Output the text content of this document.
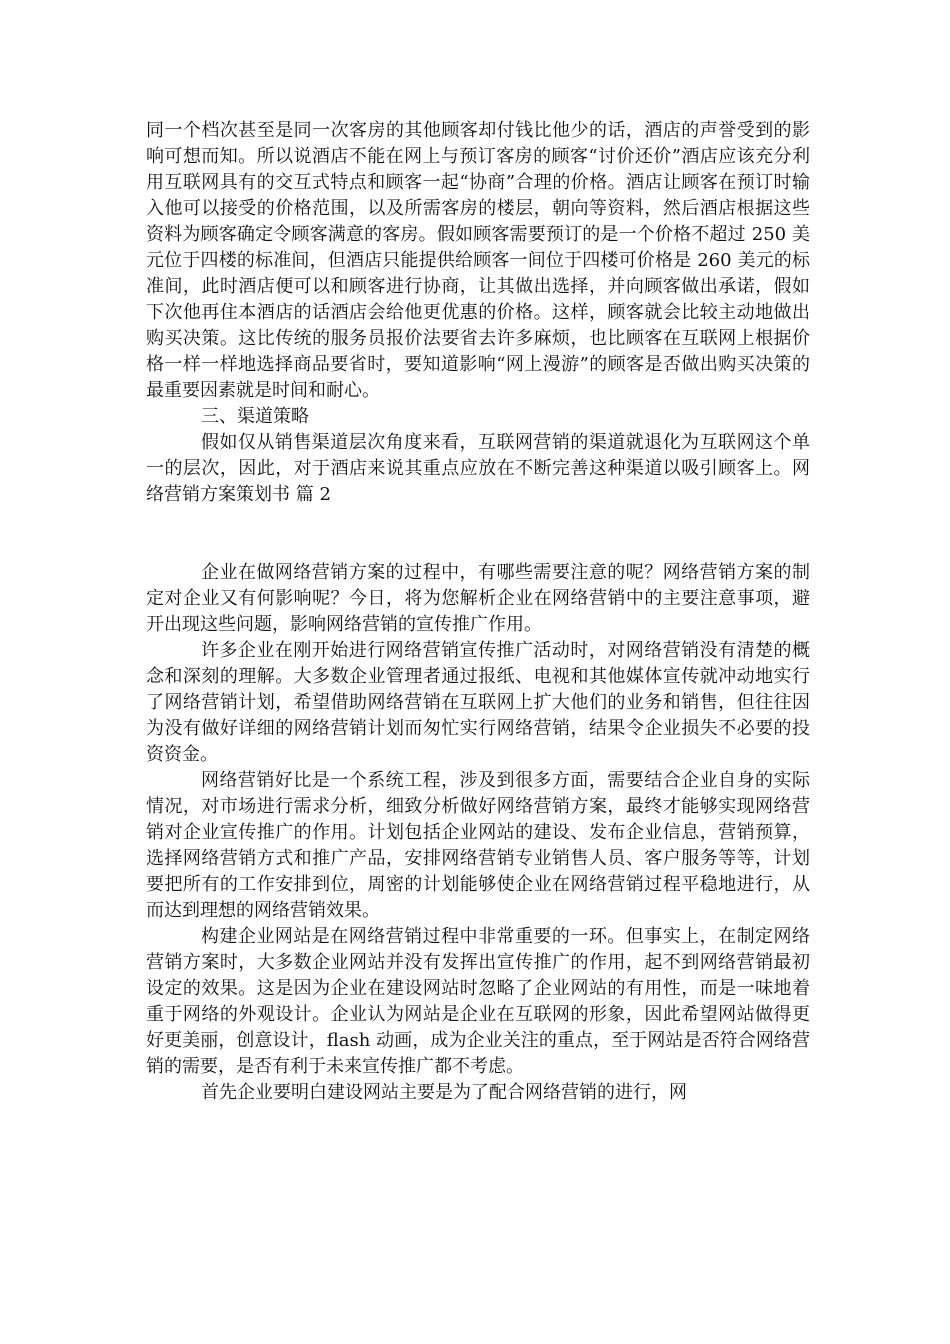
同一个档次甚至是同一次客房的其他顾客却付钱比他少的话，酒店的声誉受到的影响可想而知。所以说酒店不能在网上与预订客房的顾客“讨价还价”酒店应该充分利用互联网具有的交互式特点和顾客一起“协商”合理的价格。酒店让顾客在预订时输入他可以接受的价格范围，以及所需客房的楼层，朝向等资料，然后酒店根据这些资料为顾客确定令顾客满意的客房。假如顾客需要预订的是一个价格不超过 250 美元位于四楼的标准间，但酒店只能提供给顾客一间位于四楼可价格是 260 美元的标准间，此时酒店便可以和顾客进行协商，让其做出选择，并向顾客做出承诺，假如下次他再住本酒店的话酒店会给他更优惠的价格。这样，顾客就会比较主动地做出购买决策。这比传统的服务员报价法要省去许多麻烦，也比顾客在互联网上根据价格一样一样地选择商品要省时，要知道影响“网上漫游”的顾客是否做出购买决策的最重要因素就是时间和耐心。

三、渠道策略

假如仅从销售渠道层次角度来看，互联网营销的渠道就退化为互联网这个单一的层次，因此，对于酒店来说其重点应放在不断完善这种渠道以吸引顾客上。网络营销方案策划书 篇 2

企业在做网络营销方案的过程中，有哪些需要注意的呢？网络营销方案的制定对企业又有何影响呢？今日，将为您解析企业在网络营销中的主要注意事项，避开出现这些问题，影响网络营销的宣传推广作用。

许多企业在刚开始进行网络营销宣传推广活动时，对网络营销没有清楚的概念和深刻的理解。大多数企业管理者通过报纸、电视和其他媒体宣传就冲动地实行了网络营销计划，希望借助网络营销在互联网上扩大他们的业务和销售，但往往因为没有做好详细的网络营销计划而匆忙实行网络营销，结果令企业损失不必要的投资资金。

网络营销好比是一个系统工程，涉及到很多方面，需要结合企业自身的实际情况，对市场进行需求分析，细致分析做好网络营销方案，最终才能够实现网络营销对企业宣传推广的作用。计划包括企业网站的建设、发布企业信息，营销预算，选择网络营销方式和推广产品，安排网络营销专业销售人员、客户服务等等，计划要把所有的工作安排到位，周密的计划能够使企业在网络营销过程平稳地进行，从而达到理想的网络营销效果。

构建企业网站是在网络营销过程中非常重要的一环。但事实上，在制定网络营销方案时，大多数企业网站并没有发挥出宣传推广的作用，起不到网络营销最初设定的效果。这是因为企业在建设网站时忽略了企业网站的有用性，而是一味地着重于网络的外观设计。企业认为网站是企业在互联网的形象，因此希望网站做得更好更美丽，创意设计，flash 动画，成为企业关注的重点，至于网站是否符合网络营销的需要，是否有利于未来宣传推广都不考虑。

首先企业要明白建设网站主要是为了配合网络营销的进行，网
